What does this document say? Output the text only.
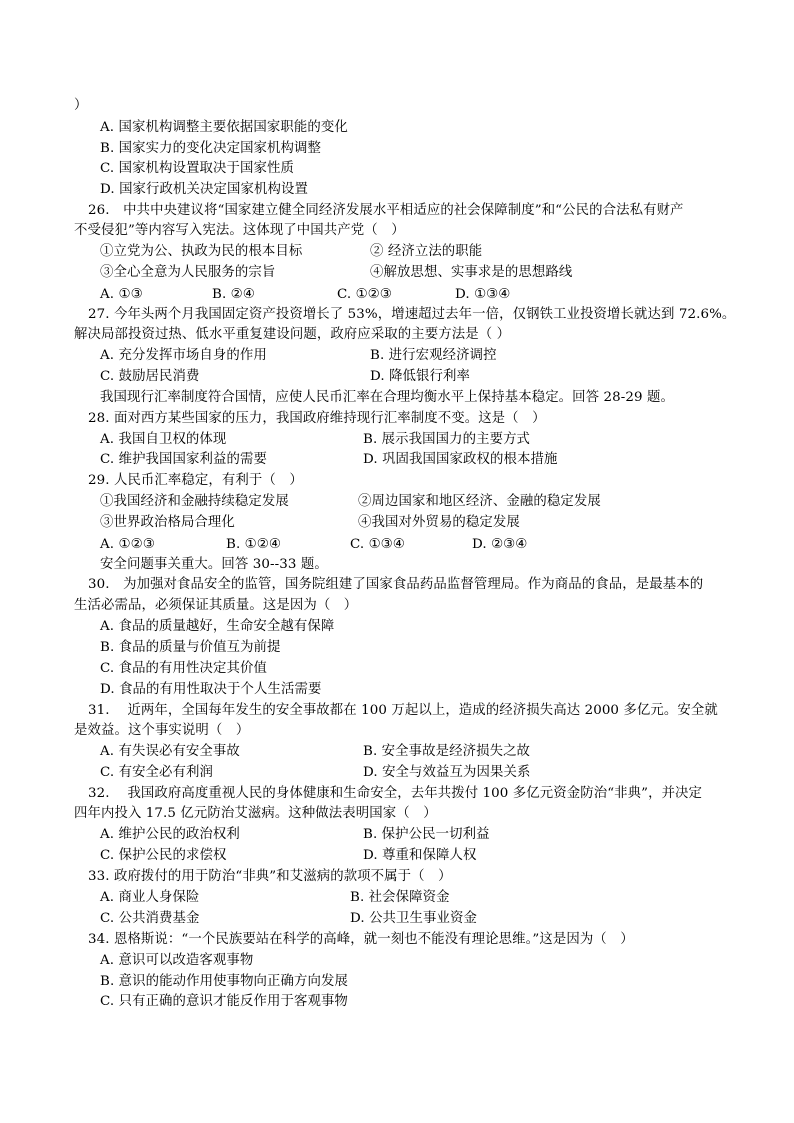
）
A. 国家机构调整主要依据国家职能的变化
B. 国家实力的变化决定国家机构调整
C. 国家机构设置取决于国家性质
D. 国家行政机关决定国家机构设置
26.　中共中央建议将“国家建立健全同经济发展水平相适应的社会保障制度”和“公民的合法私有财产
不受侵犯”等内容写入宪法。这体现了中国共产党（　）
①立党为公、执政为民的根本目标	② 经济立法的职能
③全心全意为人民服务的宗旨	④解放思想、实事求是的思想路线
A. ①③	B. ②④	C. ①②③	D. ①③④
27. 今年头两个月我国固定资产投资增长了 53%，增速超过去年一倍，仅钢铁工业投资增长就达到 72.6%。
解决局部投资过热、低水平重复建设问题，政府应采取的主要方法是（ ）
A. 充分发挥市场自身的作用	B. 进行宏观经济调控
C. 鼓励居民消费	D. 降低银行利率
我国现行汇率制度符合国情，应使人民币汇率在合理均衡水平上保持基本稳定。回答 28-29 题。
28. 面对西方某些国家的压力，我国政府维持现行汇率制度不变。这是（　）
A. 我国自卫权的体现	B. 展示我国国力的主要方式
C. 维护我国国家利益的需要	D. 巩固我国国家政权的根本措施
29. 人民币汇率稳定，有利于（　）
①我国经济和金融持续稳定发展	②周边国家和地区经济、金融的稳定发展
③世界政治格局合理化	④我国对外贸易的稳定发展
A. ①②③	B. ①②④	C. ①③④	D. ②③④
安全问题事关重大。回答 30--33 题。
30.　为加强对食品安全的监管，国务院组建了国家食品药品监督管理局。作为商品的食品，是最基本的
生活必需品，必须保证其质量。这是因为（　）
A. 食品的质量越好，生命安全越有保障
B. 食品的质量与价值互为前提
C. 食品的有用性决定其价值
D. 食品的有用性取决于个人生活需要
31.　 近两年，全国每年发生的安全事故都在 100 万起以上，造成的经济损失高达 2000 多亿元。安全就
是效益。这个事实说明（　）
A. 有失误必有安全事故	B. 安全事故是经济损失之故
C. 有安全必有利润	D. 安全与效益互为因果关系
32.　 我国政府高度重视人民的身体健康和生命安全，去年共拨付 100 多亿元资金防治“非典”，并决定
四年内投入 17.5 亿元防治艾滋病。这种做法表明国家（　）
A. 维护公民的政治权利	B. 保护公民一切利益
C. 保护公民的求偿权	D. 尊重和保障人权
33. 政府拨付的用于防治“非典”和艾滋病的款项不属于（　）
A. 商业人身保险	B. 社会保障资金
C. 公共消费基金	D. 公共卫生事业资金
34. 恩格斯说：“一个民族要站在科学的高峰，就一刻也不能没有理论思维。”这是因为（　）
A. 意识可以改造客观事物
B. 意识的能动作用使事物向正确方向发展
C. 只有正确的意识才能反作用于客观事物
